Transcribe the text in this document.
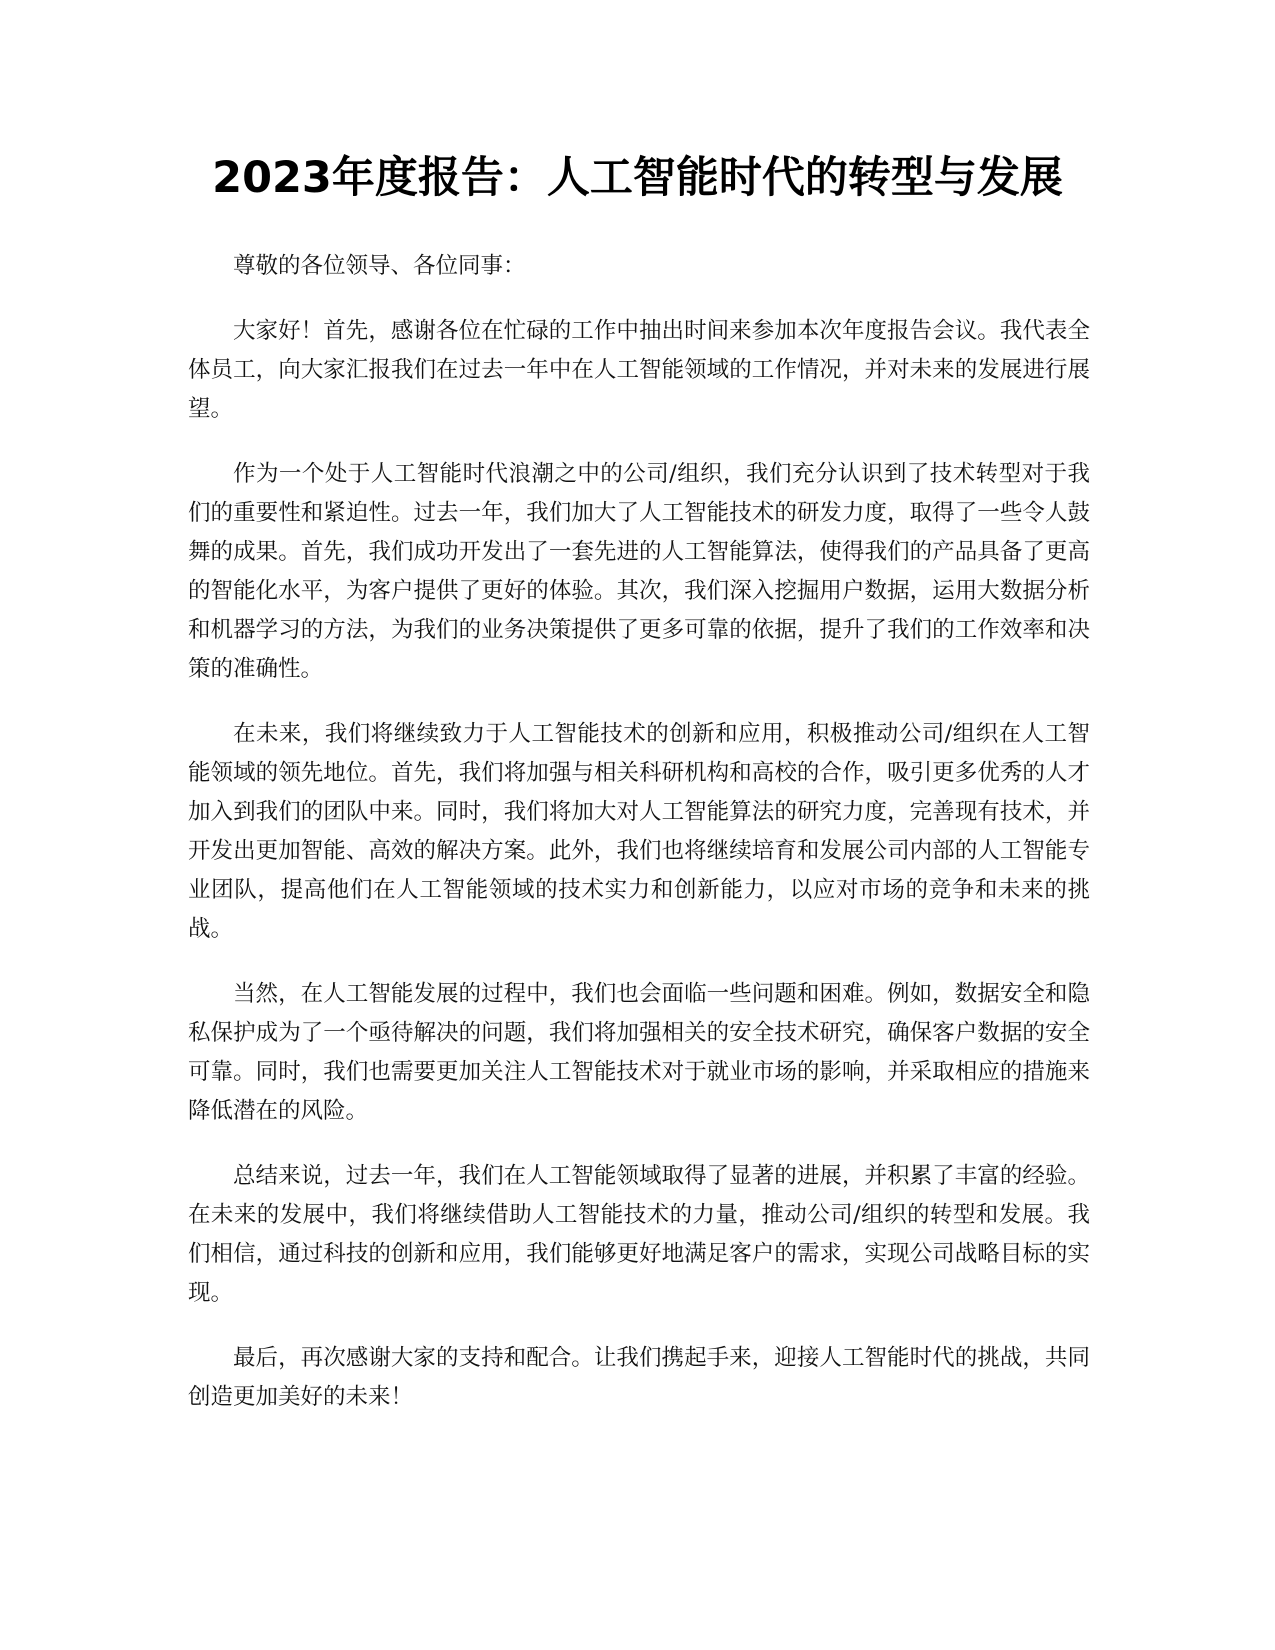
2023年度报告：人工智能时代的转型与发展

尊敬的各位领导、各位同事：

大家好！首先，感谢各位在忙碌的工作中抽出时间来参加本次年度报告会议。我代表全体员工，向大家汇报我们在过去一年中在人工智能领域的工作情况，并对未来的发展进行展望。

作为一个处于人工智能时代浪潮之中的公司/组织，我们充分认识到了技术转型对于我们的重要性和紧迫性。过去一年，我们加大了人工智能技术的研发力度，取得了一些令人鼓舞的成果。首先，我们成功开发出了一套先进的人工智能算法，使得我们的产品具备了更高的智能化水平，为客户提供了更好的体验。其次，我们深入挖掘用户数据，运用大数据分析和机器学习的方法，为我们的业务决策提供了更多可靠的依据，提升了我们的工作效率和决策的准确性。

在未来，我们将继续致力于人工智能技术的创新和应用，积极推动公司/组织在人工智能领域的领先地位。首先，我们将加强与相关科研机构和高校的合作，吸引更多优秀的人才加入到我们的团队中来。同时，我们将加大对人工智能算法的研究力度，完善现有技术，并开发出更加智能、高效的解决方案。此外，我们也将继续培育和发展公司内部的人工智能专业团队，提高他们在人工智能领域的技术实力和创新能力，以应对市场的竞争和未来的挑战。

当然，在人工智能发展的过程中，我们也会面临一些问题和困难。例如，数据安全和隐私保护成为了一个亟待解决的问题，我们将加强相关的安全技术研究，确保客户数据的安全可靠。同时，我们也需要更加关注人工智能技术对于就业市场的影响，并采取相应的措施来降低潜在的风险。

总结来说，过去一年，我们在人工智能领域取得了显著的进展，并积累了丰富的经验。在未来的发展中，我们将继续借助人工智能技术的力量，推动公司/组织的转型和发展。我们相信，通过科技的创新和应用，我们能够更好地满足客户的需求，实现公司战略目标的实现。

最后，再次感谢大家的支持和配合。让我们携起手来，迎接人工智能时代的挑战，共同创造更加美好的未来！
